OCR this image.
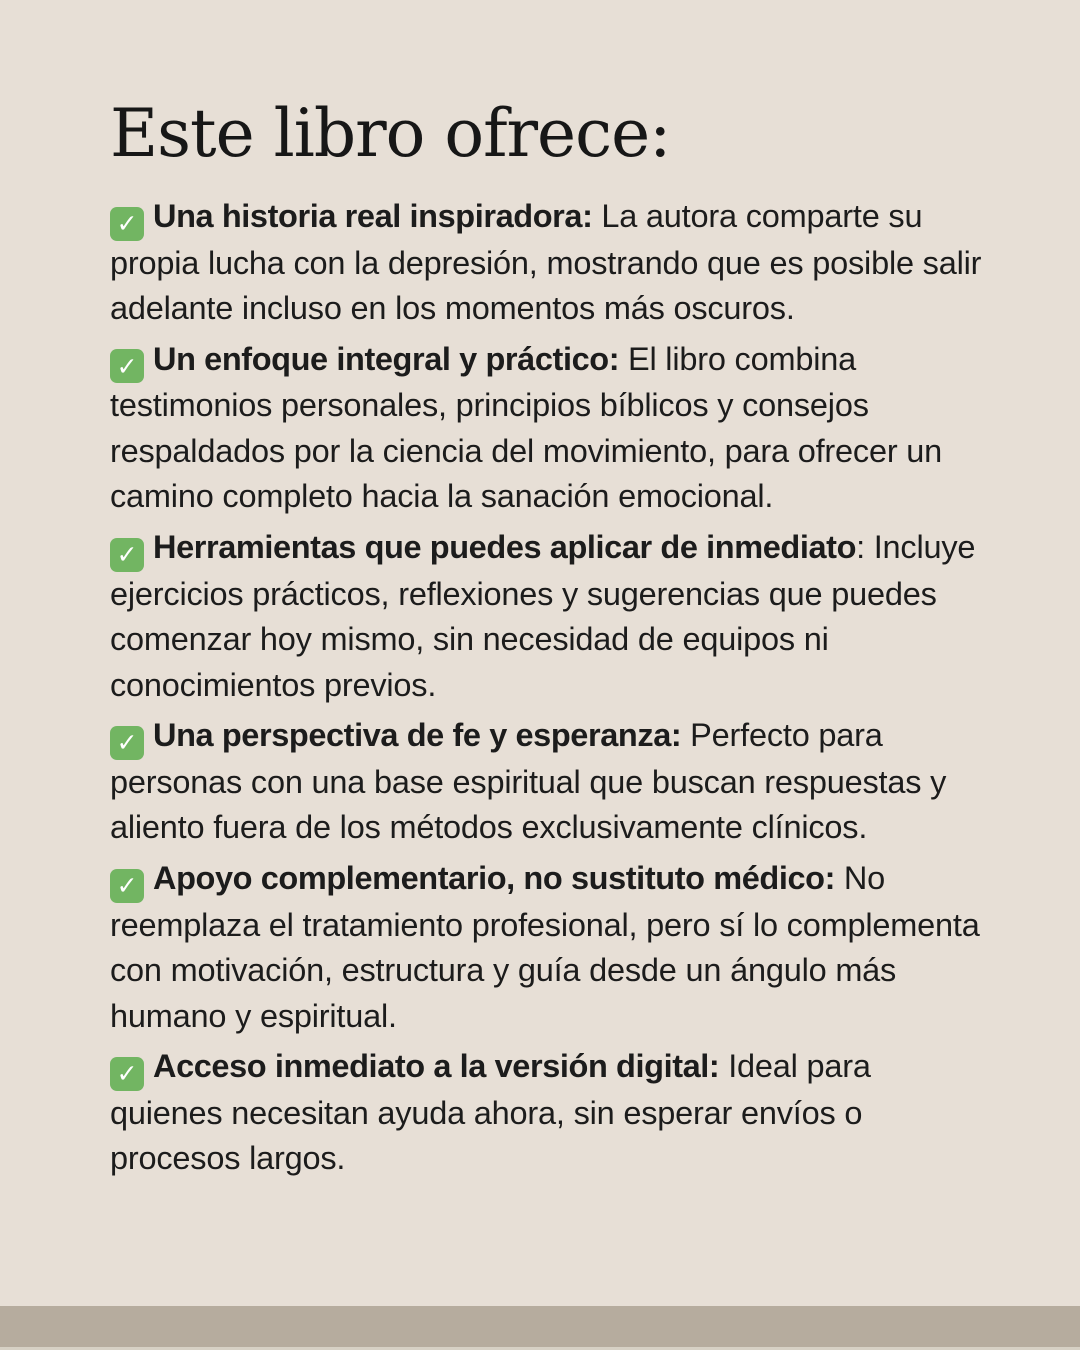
Este libro ofrece:
✓ Una historia real inspiradora: La autora comparte su propia lucha con la depresión, mostrando que es posible salir adelante incluso en los momentos más oscuros.
✓ Un enfoque integral y práctico: El libro combina testimonios personales, principios bíblicos y consejos respaldados por la ciencia del movimiento, para ofrecer un camino completo hacia la sanación emocional.
✓ Herramientas que puedes aplicar de inmediato: Incluye ejercicios prácticos, reflexiones y sugerencias que puedes comenzar hoy mismo, sin necesidad de equipos ni conocimientos previos.
✓ Una perspectiva de fe y esperanza: Perfecto para personas con una base espiritual que buscan respuestas y aliento fuera de los métodos exclusivamente clínicos.
✓ Apoyo complementario, no sustituto médico: No reemplaza el tratamiento profesional, pero sí lo complementa con motivación, estructura y guía desde un ángulo más humano y espiritual.
✓ Acceso inmediato a la versión digital: Ideal para quienes necesitan ayuda ahora, sin esperar envíos o procesos largos.
